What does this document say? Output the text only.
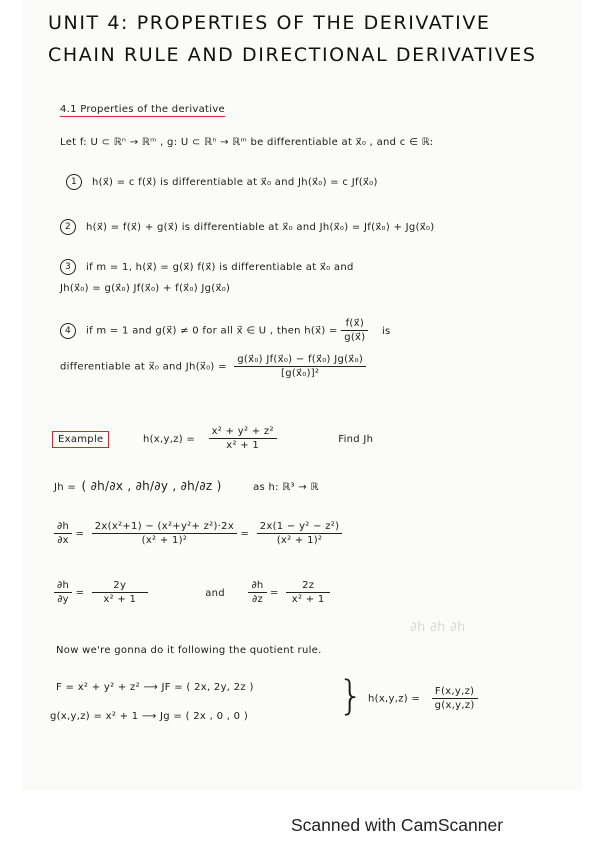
UNIT 4: PROPERTIES OF THE DERIVATIVE
CHAIN RULE AND DIRECTIONAL DERIVATIVES
4.1 Properties of the derivative
Let f: U ⊂ ℝⁿ → ℝᵐ , g: U ⊂ ℝⁿ → ℝᵐ be differentiable at x⃗₀ , and c ∈ ℝ:
1 h(x⃗) = c f(x⃗) is differentiable at x⃗₀ and Jh(x⃗₀) = c Jf(x⃗₀)
2 h(x⃗) = f(x⃗) + g(x⃗) is differentiable at x⃗₀ and Jh(x⃗₀) = Jf(x⃗₀) + Jg(x⃗₀)
3 if m = 1, h(x⃗) = g(x⃗) f(x⃗) is differentiable at x⃗₀ and
Jh(x⃗₀) = g(x⃗₀) Jf(x⃗₀) + f(x⃗₀) Jg(x⃗₀)
4 if m = 1 and g(x⃗) ≠ 0 for all x⃗ ∈ U , then h(x⃗) = $\frac{f(x⃗)}{g(x⃗)}$ is
differentiable at x⃗₀ and Jh(x⃗₀) = $\frac{\text{g(x⃗₀) Jf(x⃗₀) − f(x⃗₀) Jg(x⃗₀)}}{\text{[g(x⃗₀)]²}}$
Example	$h(x,y,z) = \frac{\text{x² + y² + z²}}{\text{x² + 1}}$	Find Jh
Jh = ( ∂h/∂x , ∂h/∂y , ∂h/∂z )	as h: ℝ³ → ℝ
$\frac{\partial h}{\partial x} = \frac{\text{2x(x²+1) − (x²+y²+ z²)·2x}}{\text{(x² + 1)²}} = \frac{\text{2x(1 − y² − z²)}}{\text{(x² + 1)²}}$
$\frac{\partial h}{\partial y} = \frac{2y}{\text{x² + 1}}$	and $\frac{\partial h}{\partial z} = \frac{2z}{\text{x² + 1}}$
∂h ∂h ∂h
Now we're gonna do it following the quotient rule.
F = x² + y² + z² ⟶ JF = ( 2x, 2y, 2z )
g(x,y,z) = x² + 1 ⟶ Jg = ( 2x , 0 , 0 ) } $h(x,y,z) = \frac{F(x,y,z)}{g(x,y,z)}$
Scanned with CamScanner
